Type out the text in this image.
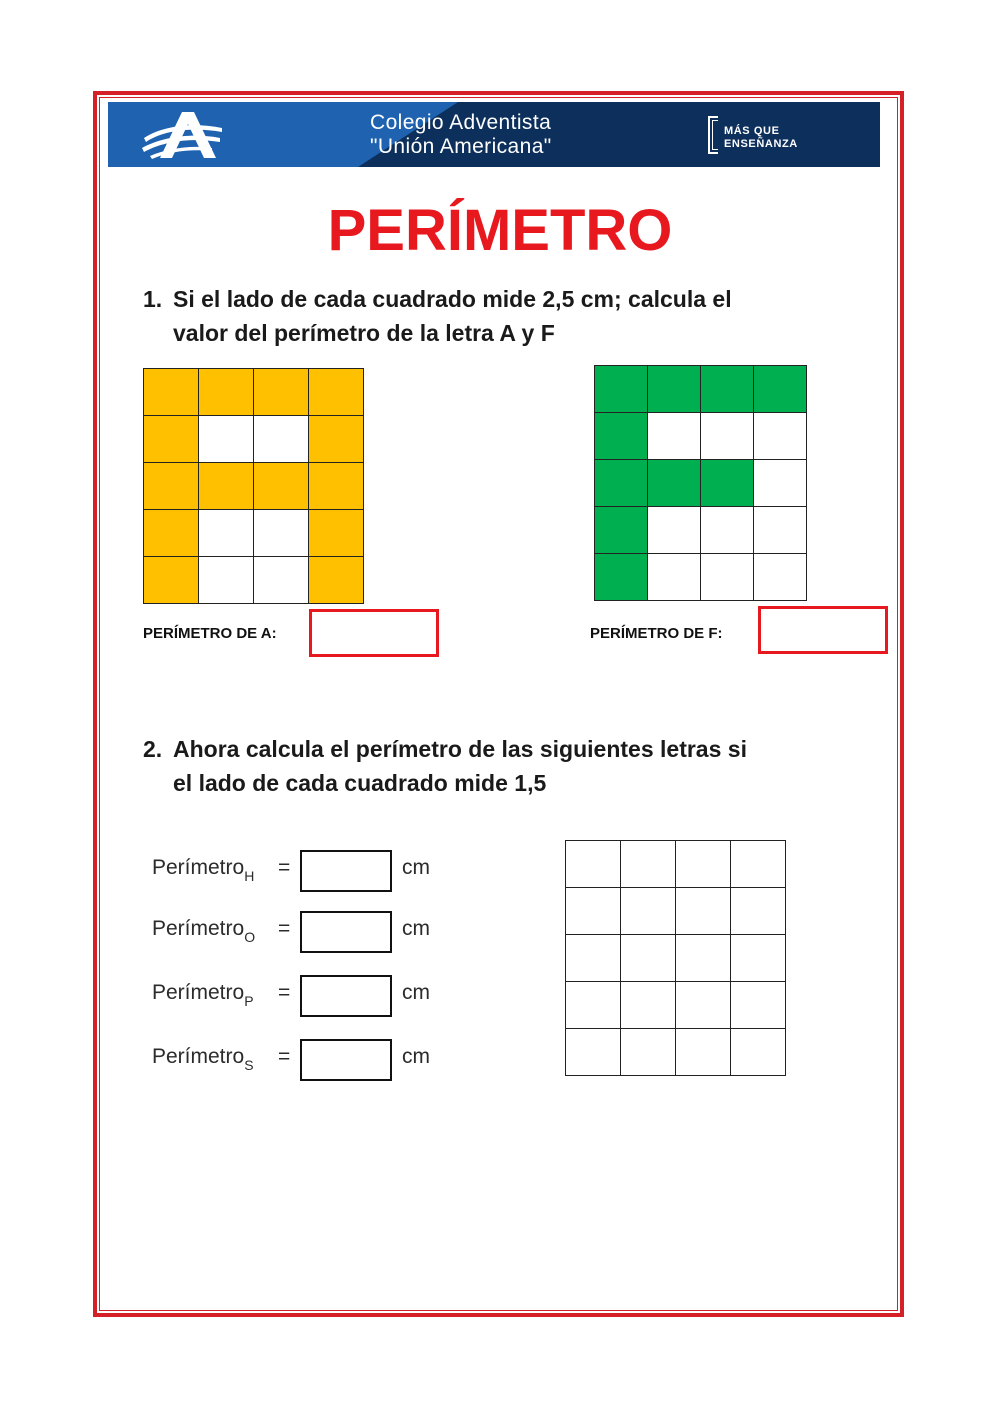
Colegio Adventista
"Unión Americana"
MÁS QUE
ENSEÑANZA
PERÍMETRO
1. Si el lado de cada cuadrado mide 2,5 cm; calcula el
valor del perímetro de la letra A y F

PERÍMETRO DE A:	PERÍMETRO DE F:
2. Ahora calcula el perímetro de las siguientes letras si
el lado de cada cuadrado mide 1,5
Perímetro$_H$ =	cm
Perímetro$_O$ =	cm
Perímetro$_P$ =	cm
Perímetro$_S$ =	cm
